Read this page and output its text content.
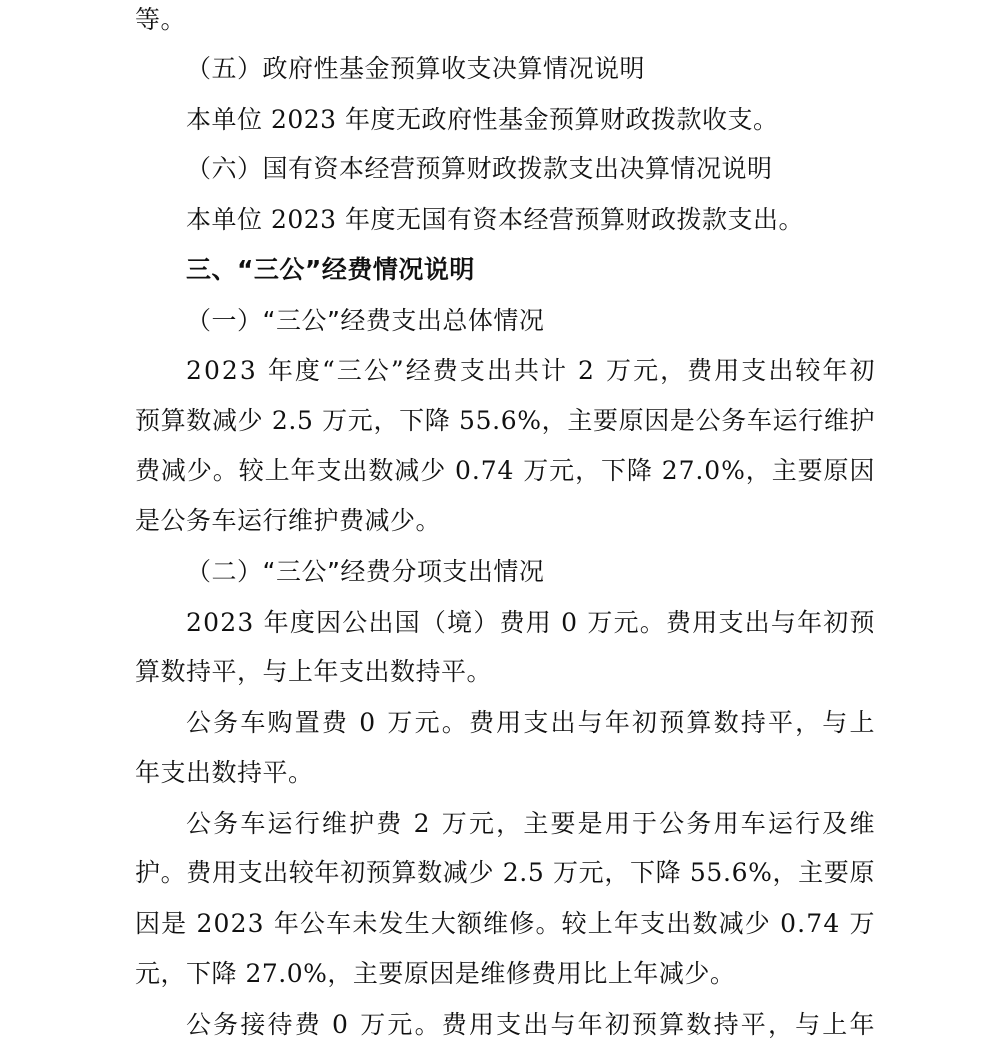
等。
（五）政府性基金预算收支决算情况说明
本单位 2023 年度无政府性基金预算财政拨款收支。
（六）国有资本经营预算财政拨款支出决算情况说明
本单位 2023 年度无国有资本经营预算财政拨款支出。
三、“三公”经费情况说明
（一）“三公”经费支出总体情况
2023 年度“三公”经费支出共计 2 万元，费用支出较年初
预算数减少 2.5 万元，下降 55.6%，主要原因是公务车运行维护
费减少。较上年支出数减少 0.74 万元，下降 27.0%，主要原因
是公务车运行维护费减少。
（二）“三公”经费分项支出情况
2023 年度因公出国（境）费用 0 万元。费用支出与年初预
算数持平，与上年支出数持平。
公务车购置费 0 万元。费用支出与年初预算数持平，与上
年支出数持平。
公务车运行维护费 2 万元，主要是用于公务用车运行及维
护。费用支出较年初预算数减少 2.5 万元，下降 55.6%，主要原
因是 2023 年公车未发生大额维修。较上年支出数减少 0.74 万
元，下降 27.0%，主要原因是维修费用比上年减少。
公务接待费 0 万元。费用支出与年初预算数持平，与上年
